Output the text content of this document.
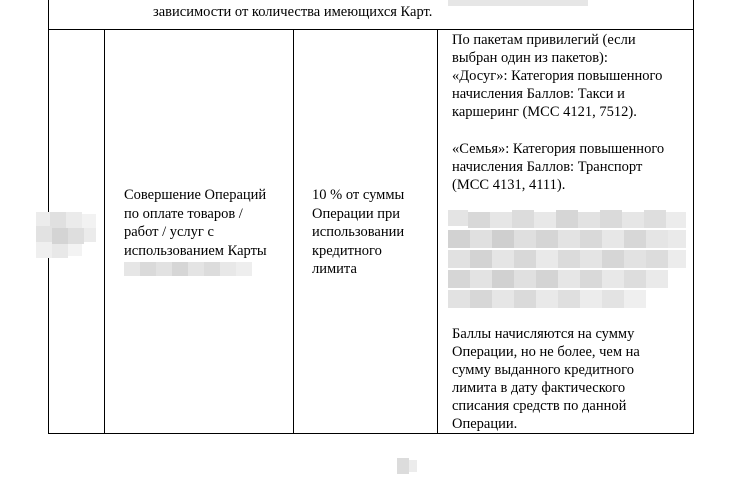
зависимости от количества имеющихся Карт.
Совершение Операций
по оплате товаров /
работ / услуг с
использованием Карты
10 % от суммы
Операции при
использовании
кредитного
лимита
По пакетам привилегий (если
выбран один из пакетов):
«Досуг»: Категория повышенного
начисления Баллов: Такси и
каршеринг (MCC 4121, 7512).
«Семья»: Категория повышенного
начисления Баллов: Транспорт
(MCC 4131, 4111).
Баллы начисляются на сумму
Операции, но не более, чем на
сумму выданного кредитного
лимита в дату фактического
списания средств по данной
Операции.
